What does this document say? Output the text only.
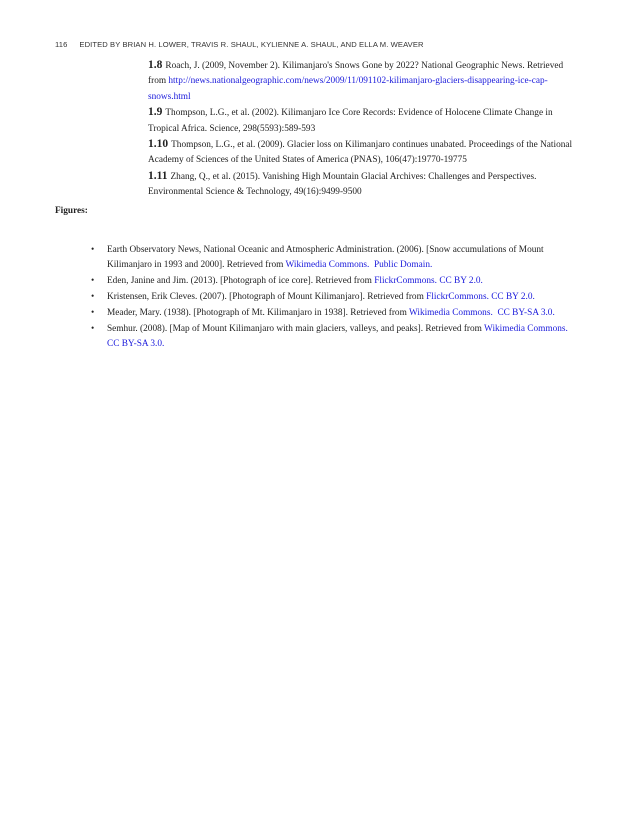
116 EDITED BY BRIAN H. LOWER, TRAVIS R. SHAUL, KYLIENNE A. SHAUL, AND ELLA M. WEAVER

1.8 Roach, J. (2009, November 2). Kilimanjaro's Snows Gone by 2022? National Geographic News. Retrieved from http://news.nationalgeographic.com/news/2009/11/091102-kilimanjaro-glaciers-disappearing-ice-cap-snows.html

1.9 Thompson, L.G., et al. (2002). Kilimanjaro Ice Core Records: Evidence of Holocene Climate Change in Tropical Africa. Science, 298(5593):589-593

1.10 Thompson, L.G., et al. (2009). Glacier loss on Kilimanjaro continues unabated. Proceedings of the National Academy of Sciences of the United States of America (PNAS), 106(47):19770-19775

1.11 Zhang, Q., et al. (2015). Vanishing High Mountain Glacial Archives: Challenges and Perspectives. Environmental Science & Technology, 49(16):9499-9500

Figures:
• Earth Observatory News, National Oceanic and Atmospheric Administration. (2006). [Snow accumulations of Mount Kilimanjaro in 1993 and 2000]. Retrieved from Wikimedia Commons. Public Domain.
• Eden, Janine and Jim. (2013). [Photograph of ice core]. Retrieved from FlickrCommons. CC BY 2.0.
• Kristensen, Erik Cleves. (2007). [Photograph of Mount Kilimanjaro]. Retrieved from FlickrCommons. CC BY 2.0.
• Meader, Mary. (1938). [Photograph of Mt. Kilimanjaro in 1938]. Retrieved from Wikimedia Commons. CC BY-SA 3.0.
• Semhur. (2008). [Map of Mount Kilimanjaro with main glaciers, valleys, and peaks]. Retrieved from Wikimedia Commons. CC BY-SA 3.0.
